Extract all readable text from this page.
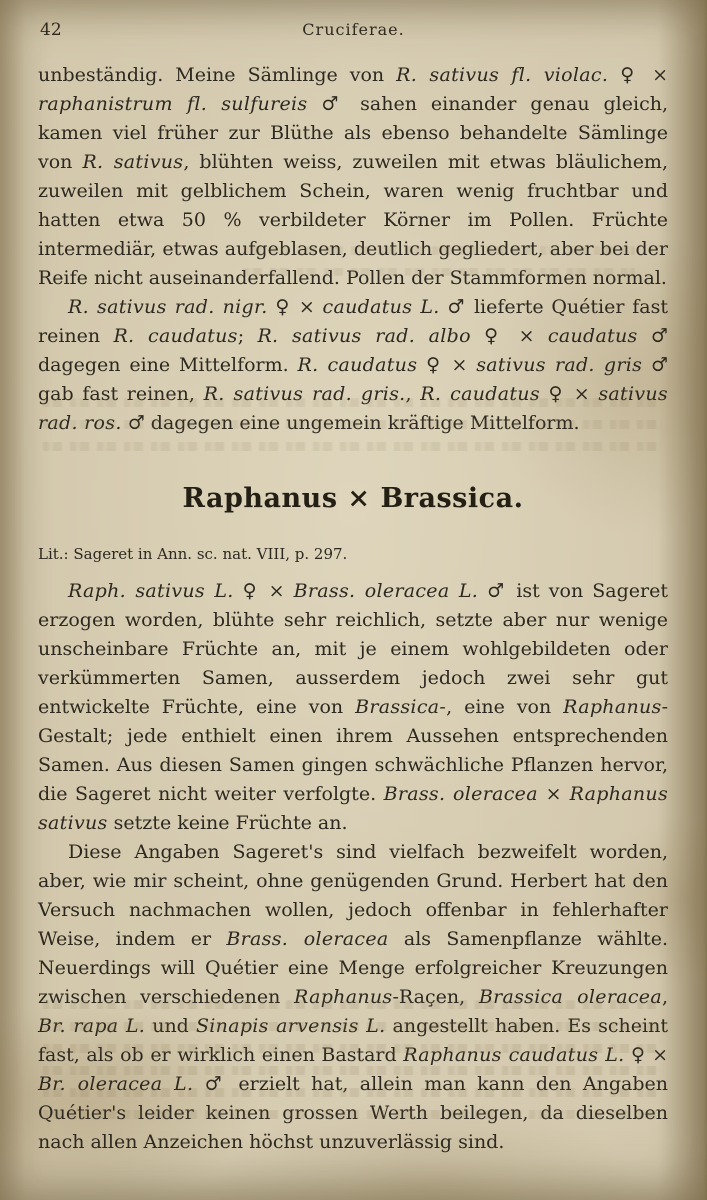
42	Cruciferae.

unbeständig. Meine Sämlinge von R. sativus fl. violac. ♀ × raphanistrum fl. sulfureis ♂ sahen einander genau gleich, kamen viel früher zur Blüthe als ebenso behandelte Sämlinge von R. sativus, blühten weiss, zuweilen mit etwas bläulichem, zuweilen mit gelblichem Schein, waren wenig fruchtbar und hatten etwa 50 % verbildeter Körner im Pollen. Früchte intermediär, etwas aufgeblasen, deutlich gegliedert, aber bei der Reife nicht auseinanderfallend. Pollen der Stammformen normal.

R. sativus rad. nigr. ♀ × caudatus L. ♂ lieferte Quétier fast reinen R. caudatus; R. sativus rad. albo ♀ × caudatus ♂ dagegen eine Mittelform. R. caudatus ♀ × sativus rad. gris ♂ gab fast reinen, R. sativus rad. gris., R. caudatus ♀ × sativus rad. ros. ♂ dagegen eine ungemein kräftige Mittelform.

Raphanus × Brassica.

Lit.: Sageret in Ann. sc. nat. VIII, p. 297.

Raph. sativus L. ♀ × Brass. oleracea L. ♂ ist von Sageret erzogen worden, blühte sehr reichlich, setzte aber nur wenige unscheinbare Früchte an, mit je einem wohlgebildeten oder verkümmerten Samen, ausserdem jedoch zwei sehr gut entwickelte Früchte, eine von Brassica-, eine von Raphanus-Gestalt; jede enthielt einen ihrem Aussehen entsprechenden Samen. Aus diesen Samen gingen schwächliche Pflanzen hervor, die Sageret nicht weiter verfolgte. Brass. oleracea × Raphanus sativus setzte keine Früchte an.

Diese Angaben Sageret's sind vielfach bezweifelt worden, aber, wie mir scheint, ohne genügenden Grund. Herbert hat den Versuch nachmachen wollen, jedoch offenbar in fehlerhafter Weise, indem er Brass. oleracea als Samenpflanze wählte. Neuerdings will Quétier eine Menge erfolgreicher Kreuzungen zwischen verschiedenen Raphanus-Raçen, Brassica oleracea, Br. rapa L. und Sinapis arvensis L. angestellt haben. Es scheint fast, als ob er wirklich einen Bastard Raphanus caudatus L. ♀ × Br. oleracea L. ♂ erzielt hat, allein man kann den Angaben Quétier's leider keinen grossen Werth beilegen, da dieselben nach allen Anzeichen höchst unzuverlässig sind.
